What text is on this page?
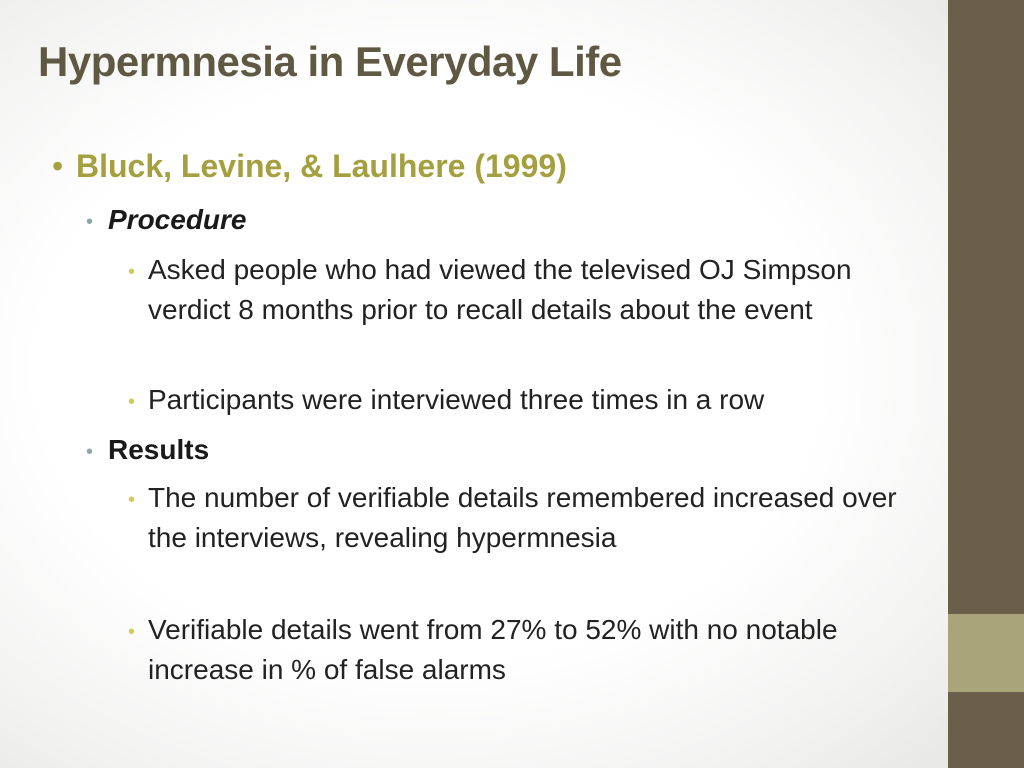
Hypermnesia in Everyday Life
• Bluck, Levine, & Laulhere (1999)
• Procedure
• Asked people who had viewed the televised OJ Simpson verdict 8 months prior to recall details about the event
• Participants were interviewed three times in a row
• Results
• The number of verifiable details remembered increased over the interviews, revealing hypermnesia
• Verifiable details went from 27% to 52% with no notable increase in % of false alarms
